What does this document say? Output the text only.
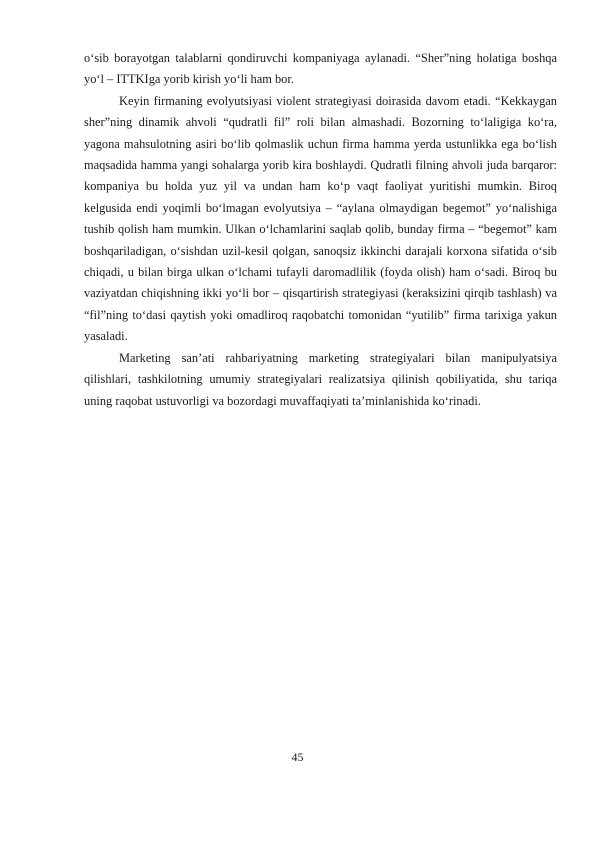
o‘sib borayotgan talablarni qondiruvchi kompaniyaga aylanadi. “Sher”ning holatiga boshqa yo‘l – ITTKIga yorib kirish yo‘li ham bor.

Keyin firmaning evolyutsiyasi violent strategiyasi doirasida davom etadi. “Kekkaygan sher”ning dinamik ahvoli “qudratli fil” roli bilan almashadi. Bozorning to‘laligiga ko‘ra, yagona mahsulotning asiri bo‘lib qolmaslik uchun firma hamma yerda ustunlikka ega bo‘lish maqsadida hamma yangi sohalarga yorib kira boshlaydi. Qudratli filning ahvoli juda barqaror: kompaniya bu holda yuz yil va undan ham ko‘p vaqt faoliyat yuritishi mumkin. Biroq kelgusida endi yoqimli bo‘lmagan evolyutsiya – “aylana olmaydigan begemot” yo‘nalishiga tushib qolish ham mumkin. Ulkan o‘lchamlarini saqlab qolib, bunday firma – “begemot” kam boshqariladigan, o‘sishdan uzil-kesil qolgan, sanoqsiz ikkinchi darajali korxona sifatida o‘sib chiqadi, u bilan birga ulkan o‘lchami tufayli daromadlilik (foyda olish) ham o‘sadi. Biroq bu vaziyatdan chiqishning ikki yo‘li bor – qisqartirish strategiyasi (keraksizini qirqib tashlash) va “fil”ning to‘dasi qaytish yoki omadliroq raqobatchi tomonidan “yutilib” firma tarixiga yakun yasaladi.

Marketing san’ati rahbariyatning marketing strategiyalari bilan manipulyatsiya qilishlari, tashkilotning umumiy strategiyalari realizatsiya qilinish qobiliyatida, shu tariqa uning raqobat ustuvorligi va bozordagi muvaffaqiyati ta’minlanishida ko‘rinadi.

45
